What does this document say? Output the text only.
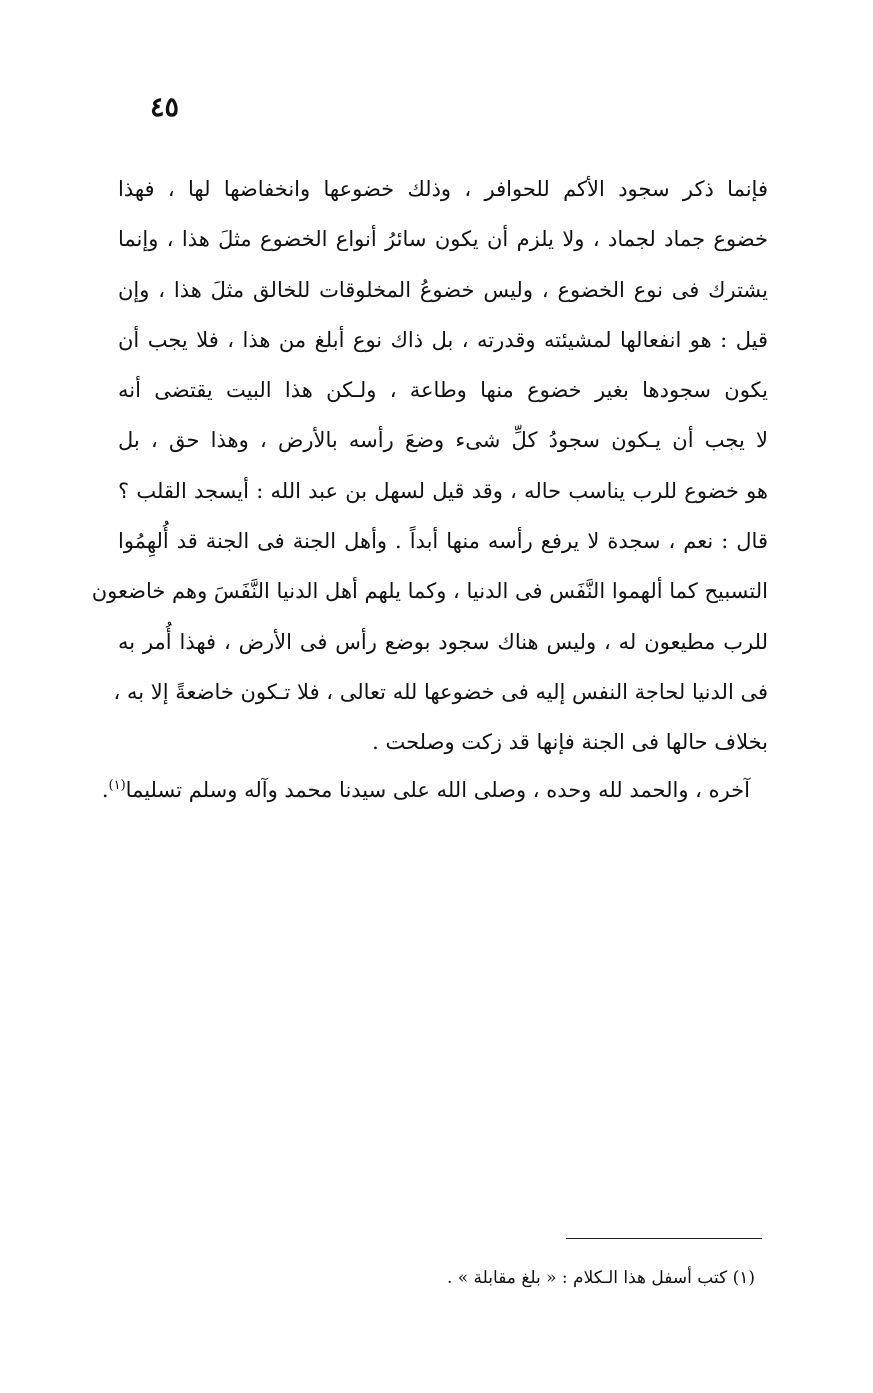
٤٥
فإنما ذكر سجود الأكم للحوافر ، وذلك خضوعها وانخفاضها لها ، فهذا
خضوع جماد لجماد ، ولا يلزم أن يكون سائرُ أنواع الخضوع مثلَ هذا ، وإنما
يشترك فى نوع الخضوع ، وليس خضوعُ المخلوقات للخالق مثلَ هذا ، وإن
قيل : هو انفعالها لمشيئته وقدرته ، بل ذاك نوع أبلغ من هذا ، فلا يجب أن
يكون سجودها بغير خضوع منها وطاعة ، ولـكن هذا البيت يقتضى أنه
لا يجب أن يـكون سجودُ كلِّ شىء وضعَ رأسه بالأرض ، وهذا حق ، بل
هو خضوع للرب يناسب حاله ، وقد قيل لسهل بن عبد الله : أيسجد القلب ؟
قال : نعم ، سجدة لا يرفع رأسه منها أبداً . وأهل الجنة فى الجنة قد أُلهِمُوا
التسبيح كما ألهموا النَّفَس فى الدنيا ، وكما يلهم أهل الدنيا النَّفَسَ وهم خاضعون
للرب مطيعون له ، وليس هناك سجود بوضع رأس فى الأرض ، فهذا أُمر به
فى الدنيا لحاجة النفس إليه فى خضوعها لله تعالى ، فلا تـكون خاضعةً إلا به ،
بخلاف حالها فى الجنة فإنها قد زكت وصلحت .
آخره ، والحمد لله وحده ، وصلى الله على سيدنا محمد وآله وسلم تسليما$^{(١)}$.
(١) كتب أسفل هذا الـكلام : « بلغ مقابلة » .
